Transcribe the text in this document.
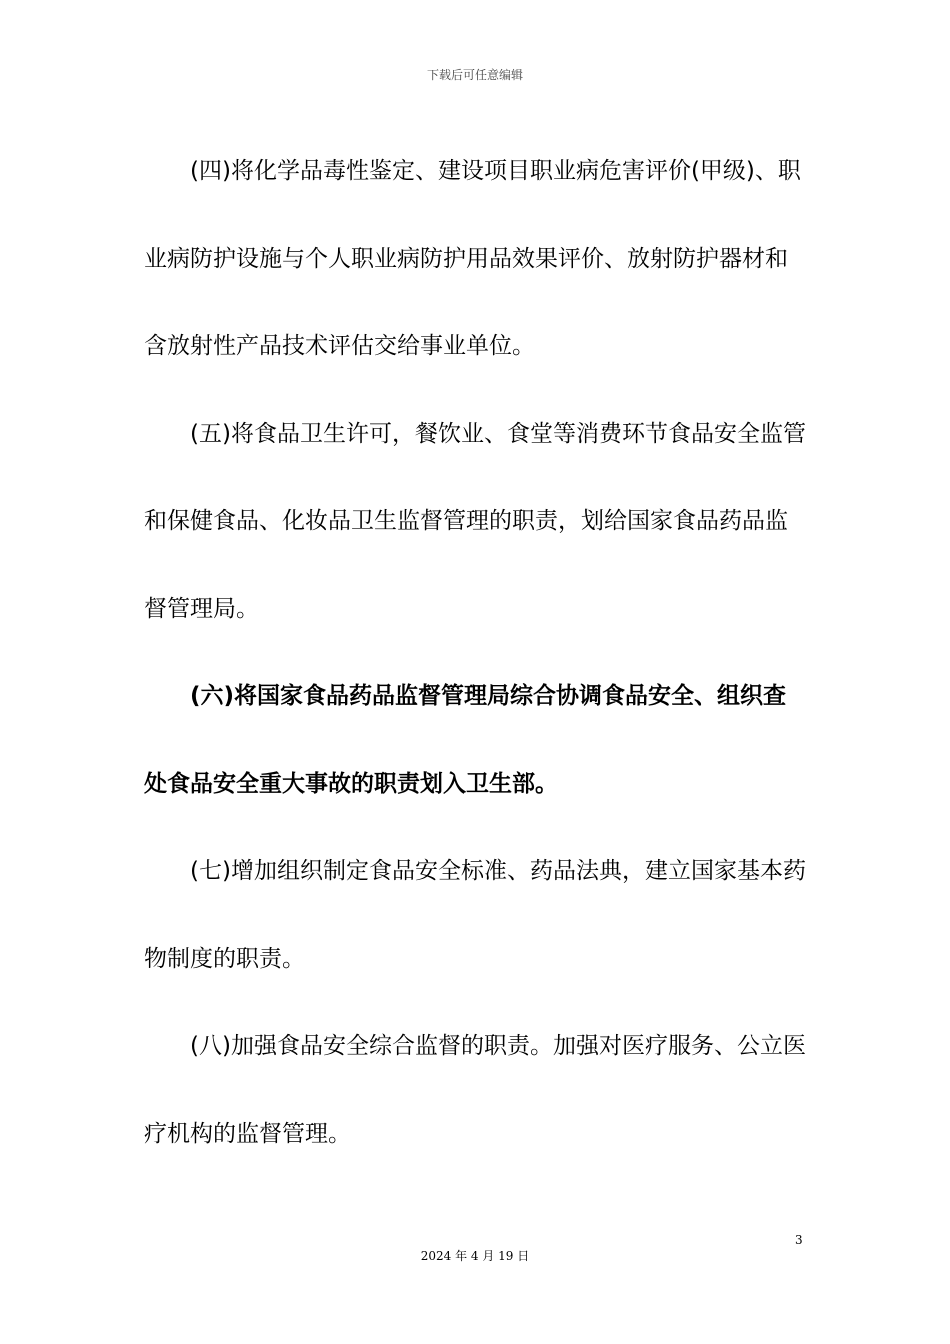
下载后可任意编辑

(四)将化学品毒性鉴定、建设项目职业病危害评价(甲级)、职业病防护设施与个人职业病防护用品效果评价、放射防护器材和含放射性产品技术评估交给事业单位。

(五)将食品卫生许可，餐饮业、食堂等消费环节食品安全监管和保健食品、化妆品卫生监督管理的职责，划给国家食品药品监督管理局。

(六)将国家食品药品监督管理局综合协调食品安全、组织查处食品安全重大事故的职责划入卫生部。

(七)增加组织制定食品安全标准、药品法典，建立国家基本药物制度的职责。

(八)加强食品安全综合监督的职责。加强对医疗服务、公立医疗机构的监督管理。

3
2024 年 4 月 19 日
